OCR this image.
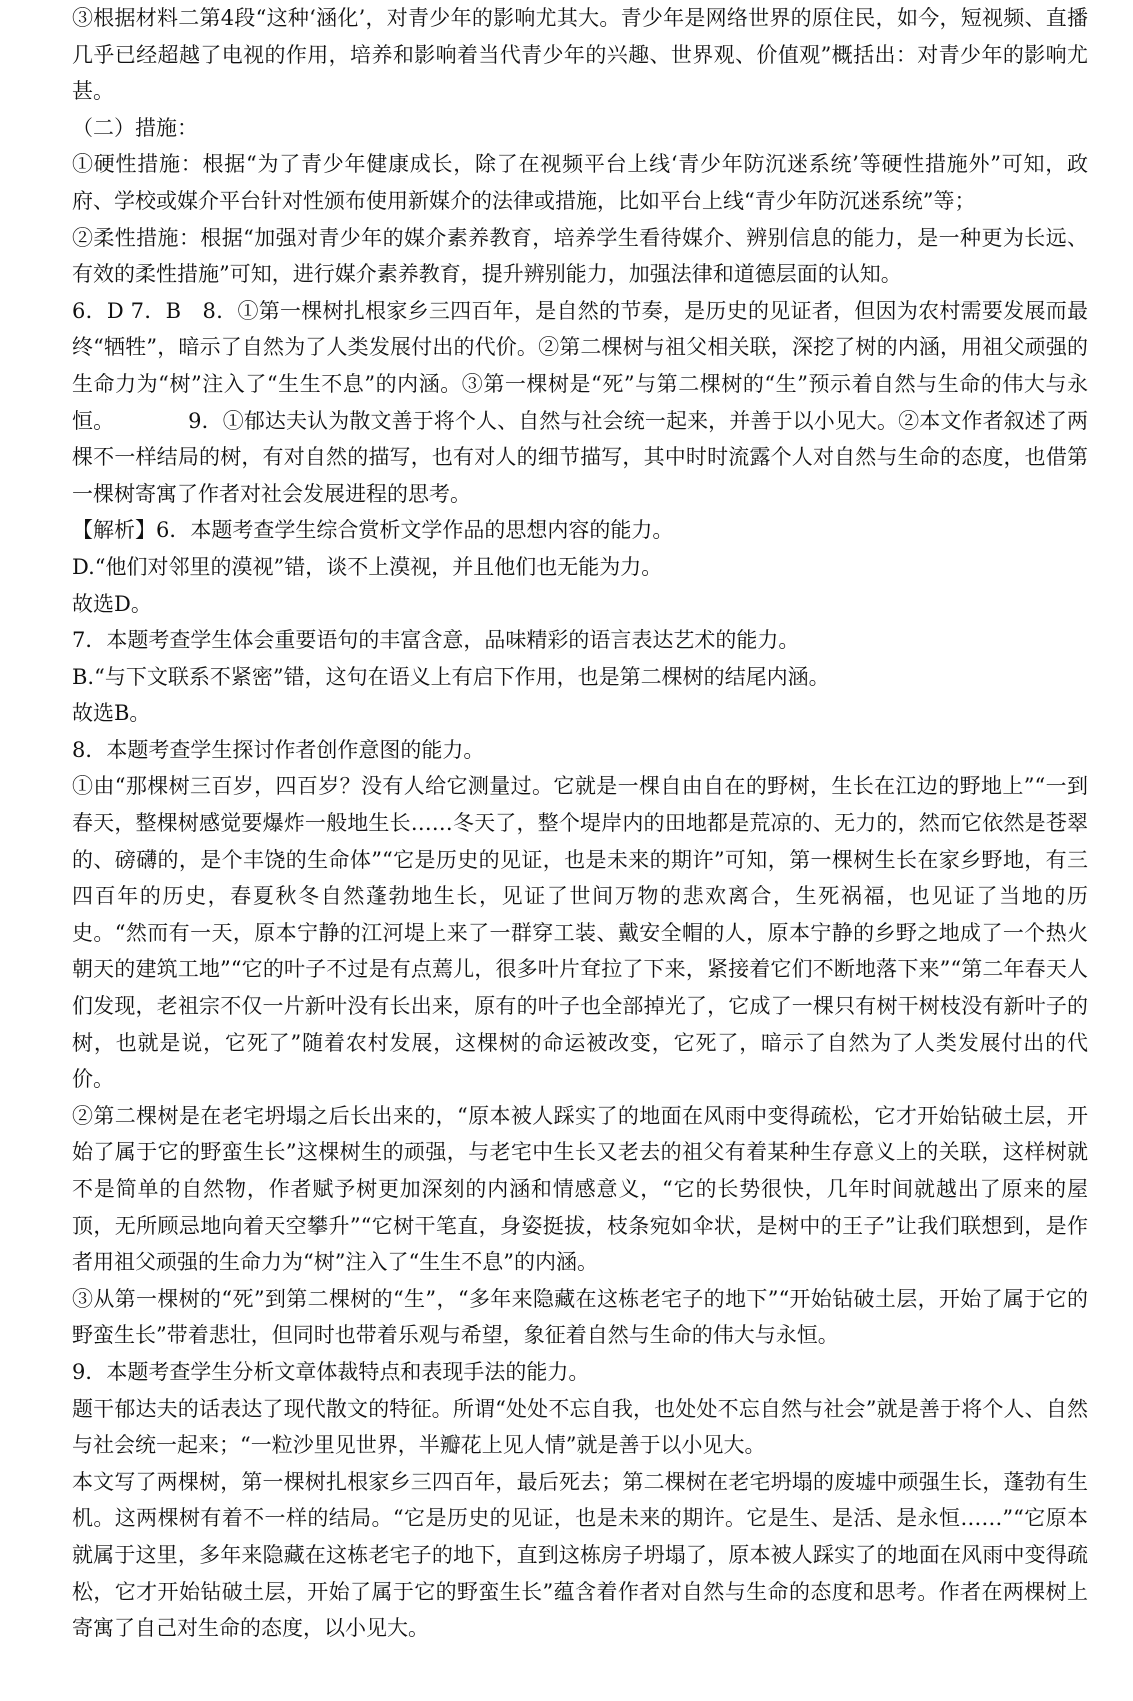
③根据材料二第4段“这种‘涵化’，对青少年的影响尤其大。青少年是网络世界的原住民，如今，短视频、直播几乎已经超越了电视的作用，培养和影响着当代青少年的兴趣、世界观、价值观”概括出：对青少年的影响尤甚。

（二）措施：

①硬性措施：根据“为了青少年健康成长，除了在视频平台上线‘青少年防沉迷系统’等硬性措施外”可知，政府、学校或媒介平台针对性颁布使用新媒介的法律或措施，比如平台上线“青少年防沉迷系统”等；

②柔性措施：根据“加强对青少年的媒介素养教育，培养学生看待媒介、辨别信息的能力，是一种更为长远、有效的柔性措施”可知，进行媒介素养教育，提升辨别能力，加强法律和道德层面的认知。

6．D 7．B　8．①第一棵树扎根家乡三四百年，是自然的节奏，是历史的见证者，但因为农村需要发展而最终“牺牲”，暗示了自然为了人类发展付出的代价。②第二棵树与祖父相关联，深挖了树的内涵，用祖父顽强的生命力为“树”注入了“生生不息”的内涵。③第一棵树是“死”与第二棵树的“生”预示着自然与生命的伟大与永恒。　　　　9．①郁达夫认为散文善于将个人、自然与社会统一起来，并善于以小见大。②本文作者叙述了两棵不一样结局的树，有对自然的描写，也有对人的细节描写，其中时时流露个人对自然与生命的态度，也借第一棵树寄寓了作者对社会发展进程的思考。

【解析】6．本题考查学生综合赏析文学作品的思想内容的能力。

D.“他们对邻里的漠视”错，谈不上漠视，并且他们也无能为力。

故选D。

7．本题考查学生体会重要语句的丰富含意，品味精彩的语言表达艺术的能力。

B.“与下文联系不紧密”错，这句在语义上有启下作用，也是第二棵树的结尾内涵。

故选B。

8．本题考查学生探讨作者创作意图的能力。

①由“那棵树三百岁，四百岁？没有人给它测量过。它就是一棵自由自在的野树，生长在江边的野地上”“一到春天，整棵树感觉要爆炸一般地生长……冬天了，整个堤岸内的田地都是荒凉的、无力的，然而它依然是苍翠的、磅礴的，是个丰饶的生命体”“它是历史的见证，也是未来的期许”可知，第一棵树生长在家乡野地，有三四百年的历史，春夏秋冬自然蓬勃地生长，见证了世间万物的悲欢离合，生死祸福，也见证了当地的历史。“然而有一天，原本宁静的江河堤上来了一群穿工装、戴安全帽的人，原本宁静的乡野之地成了一个热火朝天的建筑工地”“它的叶子不过是有点蔫儿，很多叶片耷拉了下来，紧接着它们不断地落下来”“第二年春天人们发现，老祖宗不仅一片新叶没有长出来，原有的叶子也全部掉光了，它成了一棵只有树干树枝没有新叶子的树，也就是说，它死了”随着农村发展，这棵树的命运被改变，它死了，暗示了自然为了人类发展付出的代价。

②第二棵树是在老宅坍塌之后长出来的，“原本被人踩实了的地面在风雨中变得疏松，它才开始钻破土层，开始了属于它的野蛮生长”这棵树生的顽强，与老宅中生长又老去的祖父有着某种生存意义上的关联，这样树就不是简单的自然物，作者赋予树更加深刻的内涵和情感意义，“它的长势很快，几年时间就越出了原来的屋顶，无所顾忌地向着天空攀升”“它树干笔直，身姿挺拔，枝条宛如伞状，是树中的王子”让我们联想到，是作者用祖父顽强的生命力为“树”注入了“生生不息”的内涵。

③从第一棵树的“死”到第二棵树的“生”，“多年来隐藏在这栋老宅子的地下”“开始钻破土层，开始了属于它的野蛮生长”带着悲壮，但同时也带着乐观与希望，象征着自然与生命的伟大与永恒。

9．本题考查学生分析文章体裁特点和表现手法的能力。

题干郁达夫的话表达了现代散文的特征。所谓“处处不忘自我，也处处不忘自然与社会”就是善于将个人、自然与社会统一起来；“一粒沙里见世界，半瓣花上见人情”就是善于以小见大。

本文写了两棵树，第一棵树扎根家乡三四百年，最后死去；第二棵树在老宅坍塌的废墟中顽强生长，蓬勃有生机。这两棵树有着不一样的结局。“它是历史的见证，也是未来的期许。它是生、是活、是永恒……”“它原本就属于这里，多年来隐藏在这栋老宅子的地下，直到这栋房子坍塌了，原本被人踩实了的地面在风雨中变得疏松，它才开始钻破土层，开始了属于它的野蛮生长”蕴含着作者对自然与生命的态度和思考。作者在两棵树上寄寓了自己对生命的态度，以小见大。
